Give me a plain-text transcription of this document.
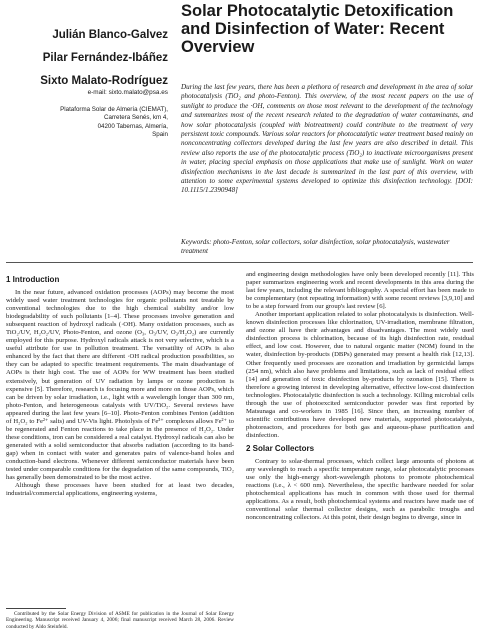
Julián Blanco-Galvez
Pilar Fernández-Ibáñez
Sixto Malato-Rodríguez
e-mail: sixto.malato@psa.es
Plataforma Solar de Almería (CIEMAT),
Carretera Senés, km 4,
04200 Tabernas, Almería,
Spain
Solar Photocatalytic Detoxification and Disinfection of Water: Recent Overview

During the last few years, there has been a plethora of research and development in the area of solar photocatalysis (TiO₂ and photo-Fenton). This overview, of the most recent papers on the use of sunlight to produce the ·OH, comments on those most relevant to the development of the technology and summarizes most of the recent research related to the degradation of water contaminants, and how solar photocatalysis (coupled with biotreatment) could contribute to the treatment of very persistent toxic compounds. Various solar reactors for photocatalytic water treatment based mainly on nonconcentrating collectors developed during the last few years are also described in detail. This review also reports the use of the photocatalytic process (TiO₂) to inactivate microorganisms present in water, placing special emphasis on those applications that make use of sunlight. Work on water disinfection mechanisms in the last decade is summarized in the last part of this overview, with attention to some experimental systems developed to optimize this disinfection technology. [DOI: 10.1115/1.2390948]

Keywords: photo-Fenton, solar collectors, solar disinfection, solar photocatalysis, wastewater treatment

1 Introduction

In the near future, advanced oxidation processes (AOPs) may become the most widely used water treatment technologies for organic pollutants not treatable by conventional technologies due to the high chemical stability and/or low biodegradability of such pollutants [1–4]. These processes involve generation and subsequent reaction of hydroxyl radicals (·OH). Many oxidation processes, such as TiO₂/UV, H₂O₂/UV, Photo-Fenton, and ozone (O₃, O₃/UV, O₃/H₂O₂) are currently employed for this purpose. Hydroxyl radicals attack is not very selective, which is a useful attribute for use in pollution treatment. The versatility of AOPs is also enhanced by the fact that there are different ·OH radical production possibilities, so they can be adapted to specific treatment requirements. The main disadvantage of AOPs is their high cost. The use of AOPs for WW treatment has been studied extensively, but generation of UV radiation by lamps or ozone production is expensive [5]. Therefore, research is focusing more and more on those AOPs, which can be driven by solar irradiation, i.e., light with a wavelength longer than 300 nm, photo-Fenton, and heterogeneous catalysis with UV/TiO₂. Several reviews have appeared during the last few years [6–10]. Photo-Fenton combines Fenton (addition of H₂O₂ to Fe²⁺ salts) and UV-Vis light. Photolysis of Fe³⁺ complexes allows Fe²⁺ to be regenerated and Fenton reactions to take place in the presence of H₂O₂. Under these conditions, iron can be considered a real catalyst. Hydroxyl radicals can also be generated with a solid semiconductor that absorbs radiation (according to its band-gap) when in contact with water and generates pairs of valence-band holes and conduction-band electrons. Whenever different semiconductor materials have been tested under comparable conditions for the degradation of the same compounds, TiO₂ has generally been demonstrated to be the most active.

Although these processes have been studied for at least two decades, industrial/commercial applications, engineering systems,

and engineering design methodologies have only been developed recently [11]. This paper summarizes engineering work and recent developments in this area during the last few years, including the relevant bibliography. A special effort has been made to be complementary (not repeating information) with some recent reviews [3,9,10] and to be a step forward from our group's last review [6].

Another important application related to solar photocatalysis is disinfection. Well-known disinfection processes like chlorination, UV-irradiation, membrane filtration, and ozone all have their advantages and disadvantages. The most widely used disinfection process is chlorination, because of its high disinfection rate, residual effect, and low cost. However, due to natural organic matter (NOM) found in the water, disinfection by-products (DBPs) generated may present a health risk [12,13]. Other frequently used processes are ozonation and irradiation by germicidal lamps (254 nm), which also have problems and limitations, such as lack of residual effect [14] and generation of toxic disinfection by-products by ozonation [15]. There is therefore a growing interest in developing alternative, effective low-cost disinfection technologies. Photocatalytic disinfection is such a technology. Killing microbial cells through the use of photoexcited semiconductor powder was first reported by Matsunaga and co-workers in 1985 [16]. Since then, an increasing number of scientific contributions have developed new materials, supported photocatalysts, photoreactors, and procedures for both gas and aqueous-phase purification and disinfection.

2 Solar Collectors

Contrary to solar-thermal processes, which collect large amounts of photons at any wavelength to reach a specific temperature range, solar photocatalytic processes use only the high-energy short-wavelength photons to promote photochemical reactions (i.e., λ < 600 nm). Nevertheless, the specific hardware needed for solar photochemical applications has much in common with those used for thermal applications. As a result, both photochemical systems and reactors have made use of conventional solar thermal collector designs, such as parabolic troughs and nonconcentrating collectors. At this point, their design begins to diverge, since in

Contributed by the Solar Energy Division of ASME for publication in the Journal of Solar Energy Engineering. Manuscript received January 4, 2006; final manuscript received March 28, 2006. Review conducted by Aldo Steinfeld.
